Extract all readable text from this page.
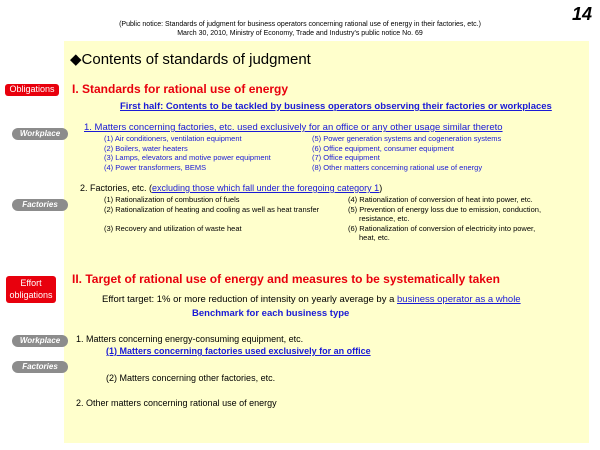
(Public notice: Standards of judgment for business operators concerning rational use of energy in their factories, etc.)
March 30, 2010, Ministry of Economy, Trade and Industry's public notice No. 69
14
◆Contents of standards of judgment
Obligations	I. Standards for rational use of energy
First half: Contents to be tackled by business operators observing their factories or workplaces
Workplace
1. Matters concerning factories, etc. used exclusively for an office or any other usage similar thereto
(1) Air conditioners, ventilation equipment
(2) Boilers, water heaters
(3) Lamps, elevators and motive power equipment
(4) Power transformers, BEMS
(5) Power generation systems and cogeneration systems
(6) Office equipment, consumer equipment
(7) Office equipment
(8) Other matters concerning rational use of energy
2. Factories, etc. (excluding those which fall under the foregoing category 1)
Factories
(1) Rationalization of combustion of fuels
(2) Rationalization of heating and cooling as well as heat transfer
(3) Recovery and utilization of waste heat
(4) Rationalization of conversion of heat into power, etc.
(5) Prevention of energy loss due to emission, conduction,
resistance, etc.
(6) Rationalization of conversion of electricity into power,
heat, etc.
Effort
obligations
II. Target of rational use of energy and measures to be systematically taken
Effort target: 1% or more reduction of intensity on yearly average by a business operator as a whole
Benchmark for each business type
Workplace	1. Matters concerning energy-consuming equipment, etc.
(1) Matters concerning factories used exclusively for an office
Factories
(2) Matters concerning other factories, etc.
2. Other matters concerning rational use of energy
